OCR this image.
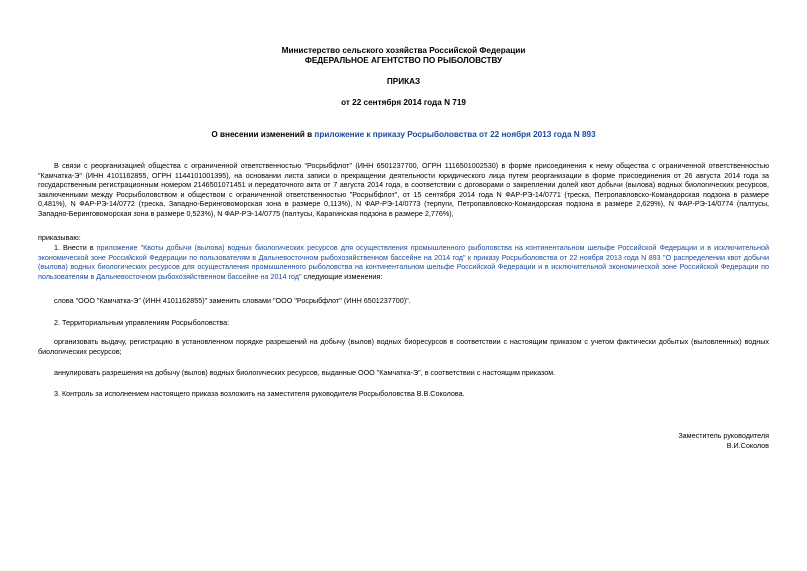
Министерство сельского хозяйства Российской Федерации
ФЕДЕРАЛЬНОЕ АГЕНТСТВО ПО РЫБОЛОВСТВУ
ПРИКАЗ
от 22 сентября 2014 года N 719
О внесении изменений в приложение к приказу Росрыболовства от 22 ноября 2013 года N 893
В связи с реорганизацией общества с ограниченной ответственностью "Росрыбфлот" (ИНН 6501237700, ОГРН 1116501002530) в форме присоединения к нему общества с ограниченной ответственностью "Камчатка-Э" (ИНН 4101162855, ОГРН 1144101001395), на основании листа записи о прекращении деятельности юридического лица путем реорганизации в форме присоединения от 26 августа 2014 года за государственным регистрационным номером 2146501071451 и передаточного акта от 7 августа 2014 года, в соответствии с договорами о закреплении долей квот добычи (вылова) водных биологических ресурсов, заключенными между Росрыболовством и обществом с ограниченной ответственностью "Росрыбфлот", от 15 сентября 2014 года N ФАР-РЭ-14/0771 (треска, Петропавловско-Командорская подзона в размере 0,481%), N ФАР-РЭ-14/0772 (треска, Западно-Беринговоморская зона в размере 0,113%), N ФАР-РЭ-14/0773 (терпуги, Петропавловско-Командорская подзона в размере 2,629%), N ФАР-РЭ-14/0774 (палтусы, Западно-Беринговоморская зона в размере 0,523%), N ФАР-РЭ-14/0775 (палтусы, Карагинская подзона в размере 2,776%),
приказываю:
1. Внести в приложение "Квоты добычи (вылова) водных биологических ресурсов для осуществления промышленного рыболовства на континентальном шельфе Российской Федерации и в исключительной экономической зоне Российской Федерации по пользователям в Дальневосточном рыбохозяйственном бассейне на 2014 год" к приказу Росрыболовства от 22 ноября 2013 года N 893 "О распределении квот добычи (вылова) водных биологических ресурсов для осуществления промышленного рыболовства на континентальном шельфе Российской Федерации и в исключительной экономической зоне Российской Федерации по пользователям в Дальневосточном рыбохозяйственном бассейне на 2014 год" следующие изменения:
слова "ООО "Камчатка-Э" (ИНН 4101162855)" заменить словами "ООО "Росрыбфлот" (ИНН 6501237700)".
2. Территориальным управлениям Росрыболовства:
организовать выдачу, регистрацию в установленном порядке разрешений на добычу (вылов) водных биоресурсов в соответствии с настоящим приказом с учетом фактически добытых (выловленных) водных биологических ресурсов;
аннулировать разрешения на добычу (вылов) водных биологических ресурсов, выданные ООО "Камчатка-Э", в соответствии с настоящим приказом.
3. Контроль за исполнением настоящего приказа возложить на заместителя руководителя Росрыболовства В.В.Соколова.
Заместитель руководителя
В.И.Соколов
